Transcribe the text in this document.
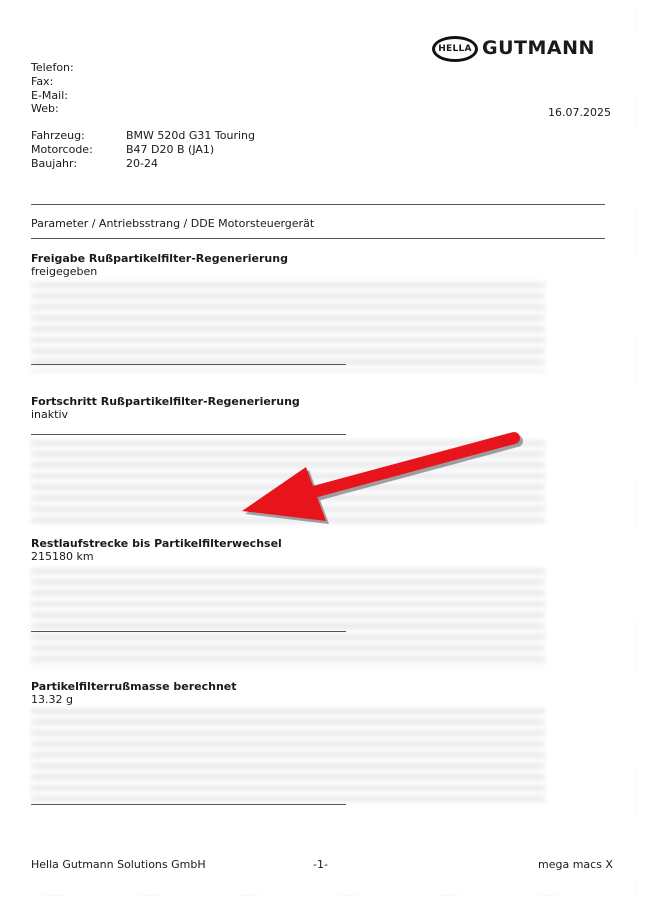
HELLA GUTMANN
Telefon:
Fax:
E-Mail:
Web:	16.07.2025
Fahrzeug:	BMW 520d G31 Touring
Motorcode:	B47 D20 B (JA1)
Baujahr:	20-24
Parameter / Antriebsstrang / DDE Motorsteuergerät
Freigabe Rußpartikelfilter-Regenerierung
freigegeben
Fortschritt Rußpartikelfilter-Regenerierung
inaktiv
Restlaufstrecke bis Partikelfilterwechsel
215180 km
Partikelfilterrußmasse berechnet
13.32 g
Hella Gutmann Solutions GmbH	-1-	mega macs X
